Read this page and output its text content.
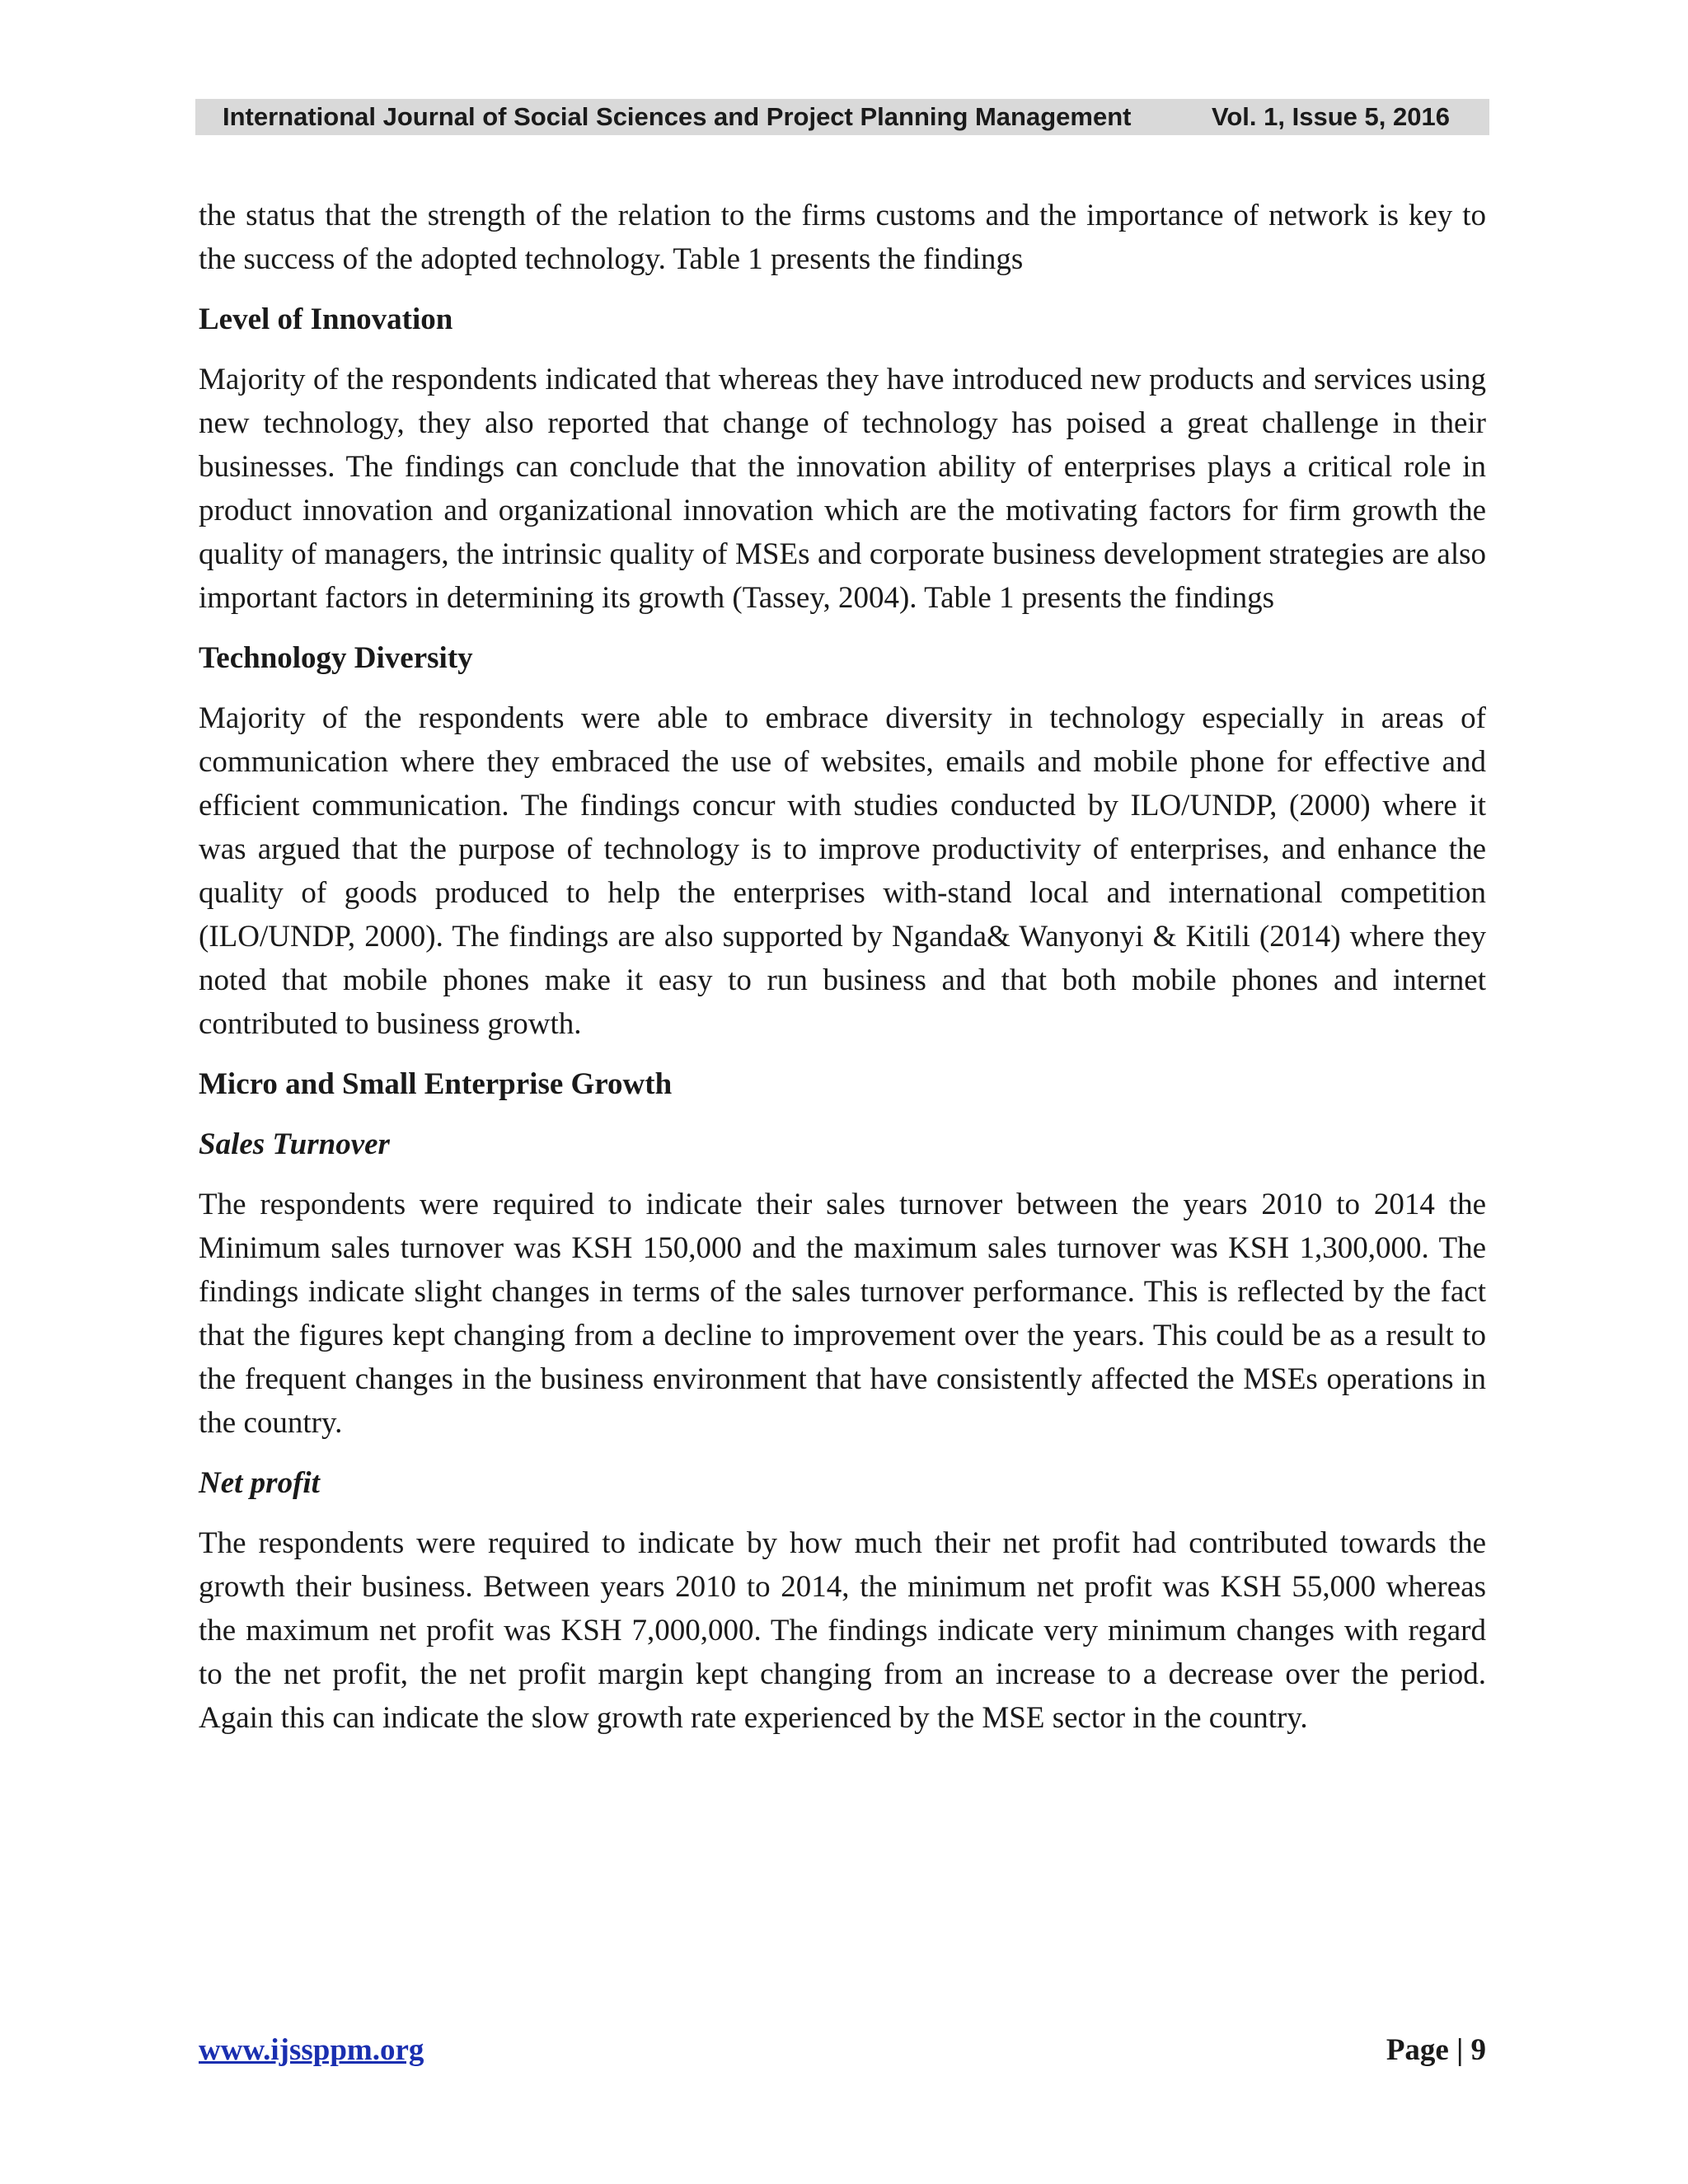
International Journal of Social Sciences and Project Planning Management	Vol. 1, Issue 5, 2016

the status that the strength of the relation to the firms customs and the importance of network is key to the success of the adopted technology. Table 1 presents the findings

Level of Innovation

Majority of the respondents indicated that whereas they have introduced new products and services using new technology, they also reported that change of technology has poised a great challenge in their businesses. The findings can conclude that the innovation ability of enterprises plays a critical role in product innovation and organizational innovation which are the motivating factors for firm growth the quality of managers, the intrinsic quality of MSEs and corporate business development strategies are also important factors in determining its growth (Tassey, 2004). Table 1 presents the findings

Technology Diversity

Majority of the respondents were able to embrace diversity in technology especially in areas of communication where they embraced the use of websites, emails and mobile phone for effective and efficient communication. The findings concur with studies conducted by ILO/UNDP, (2000) where it was argued that the purpose of technology is to improve productivity of enterprises, and enhance the quality of goods produced to help the enterprises with-stand local and international competition (ILO/UNDP, 2000). The findings are also supported by Nganda& Wanyonyi & Kitili (2014) where they noted that mobile phones make it easy to run business and that both mobile phones and internet contributed to business growth.

Micro and Small Enterprise Growth

Sales Turnover

The respondents were required to indicate their sales turnover between the years 2010 to 2014 the Minimum sales turnover was KSH 150,000 and the maximum sales turnover was KSH 1,300,000. The findings indicate slight changes in terms of the sales turnover performance. This is reflected by the fact that the figures kept changing from a decline to improvement over the years. This could be as a result to the frequent changes in the business environment that have consistently affected the MSEs operations in the country.

Net profit

The respondents were required to indicate by how much their net profit had contributed towards the growth their business. Between years 2010 to 2014, the minimum net profit was KSH 55,000 whereas the maximum net profit was KSH 7,000,000. The findings indicate very minimum changes with regard to the net profit, the net profit margin kept changing from an increase to a decrease over the period. Again this can indicate the slow growth rate experienced by the MSE sector in the country.

www.ijssppm.org	Page | 9
